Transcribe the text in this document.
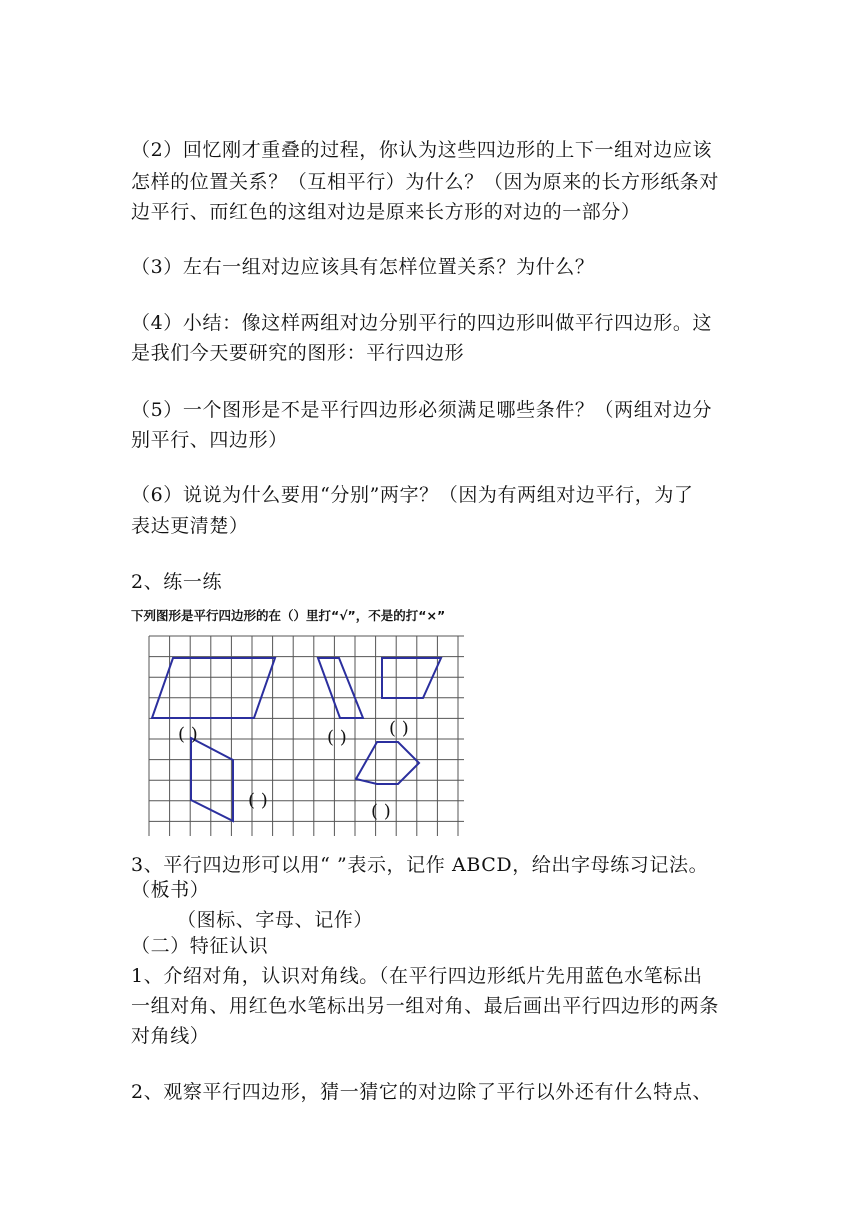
（2）回忆刚才重叠的过程，你认为这些四边形的上下一组对边应该
怎样的位置关系？（互相平行）为什么？（因为原来的长方形纸条对
边平行、而红色的这组对边是原来长方形的对边的一部分）
（3）左右一组对边应该具有怎样位置关系？为什么？
（4）小结：像这样两组对边分别平行的四边形叫做平行四边形。这
是我们今天要研究的图形：平行四边形
（5）一个图形是不是平行四边形必须满足哪些条件？（两组对边分
别平行、四边形）
（6）说说为什么要用“分别”两字？（因为有两组对边平行，为了
表达更清楚）
2、练一练
下列图形是平行四边形的在（）里打“√”，不是的打“×”
( )	( ) ( )
( )
( )
3、平行四边形可以用“ ”表示，记作 ABCD，给出字母练习记法。
（板书）
（图标、字母、记作）
（二）特征认识
1、介绍对角，认识对角线。（在平行四边形纸片先用蓝色水笔标出
一组对角、用红色水笔标出另一组对角、最后画出平行四边形的两条
对角线）
2、观察平行四边形，猜一猜它的对边除了平行以外还有什么特点、
